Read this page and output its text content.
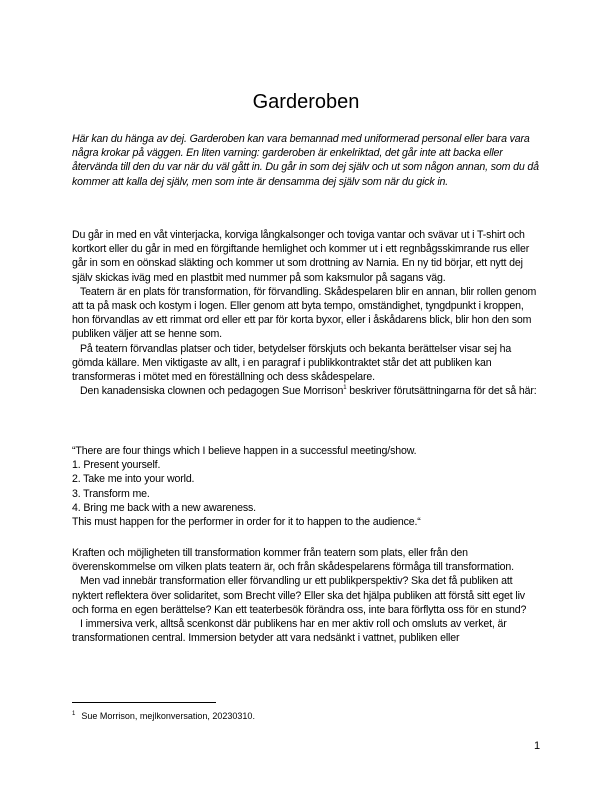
Garderoben

Här kan du hänga av dej. Garderoben kan vara bemannad med uniformerad personal eller bara vara några krokar på väggen. En liten varning: garderoben är enkelriktad, det går inte att backa eller återvända till den du var när du väl gått in. Du går in som dej själv och ut som någon annan, som du då kommer att kalla dej själv, men som inte är densamma dej själv som när du gick in.

Du går in med en våt vinterjacka, korviga långkalsonger och toviga vantar och svävar ut i T-shirt och kortkort eller du går in med en förgiftande hemlighet och kommer ut i ett regnbågsskimrande rus eller går in som en oönskad släkting och kommer ut som drottning av Narnia. En ny tid börjar, ett nytt dej själv skickas iväg med en plastbit med nummer på som kaksmulor på sagans väg.

Teatern är en plats för transformation, för förvandling. Skådespelaren blir en annan, blir rollen genom att ta på mask och kostym i logen. Eller genom att byta tempo, omständighet, tyngdpunkt i kroppen, hon förvandlas av ett rimmat ord eller ett par för korta byxor, eller i åskådarens blick, blir hon den som publiken väljer att se henne som.

På teatern förvandlas platser och tider, betydelser förskjuts och bekanta berättelser visar sej ha gömda källare. Men viktigaste av allt, i en paragraf i publikkontraktet står det att publiken kan transformeras i mötet med en föreställning och dess skådespelare.

Den kanadensiska clownen och pedagogen Sue Morrison$^1$ beskriver förutsättningarna för det så här:

“There are four things which I believe happen in a successful meeting/show.

1. Present yourself.

2. Take me into your world.

3. Transform me.

4. Bring me back with a new awareness.

This must happen for the performer in order for it to happen to the audience.“

Kraften och möjligheten till transformation kommer från teatern som plats, eller från den överenskommelse om vilken plats teatern är, och från skådespelarens förmåga till transformation.

Men vad innebär transformation eller förvandling ur ett publikperspektiv? Ska det få publiken att nyktert reflektera över solidaritet, som Brecht ville? Eller ska det hjälpa publiken att förstå sitt eget liv och forma en egen berättelse? Kan ett teaterbesök förändra oss, inte bara förflytta oss för en stund?

I immersiva verk, alltså scenkonst där publikens har en mer aktiv roll och omsluts av verket, är transformationen central. Immersion betyder att vara nedsänkt i vattnet, publiken eller

$^1$ Sue Morrison, mejlkonversation, 20230310.
1
